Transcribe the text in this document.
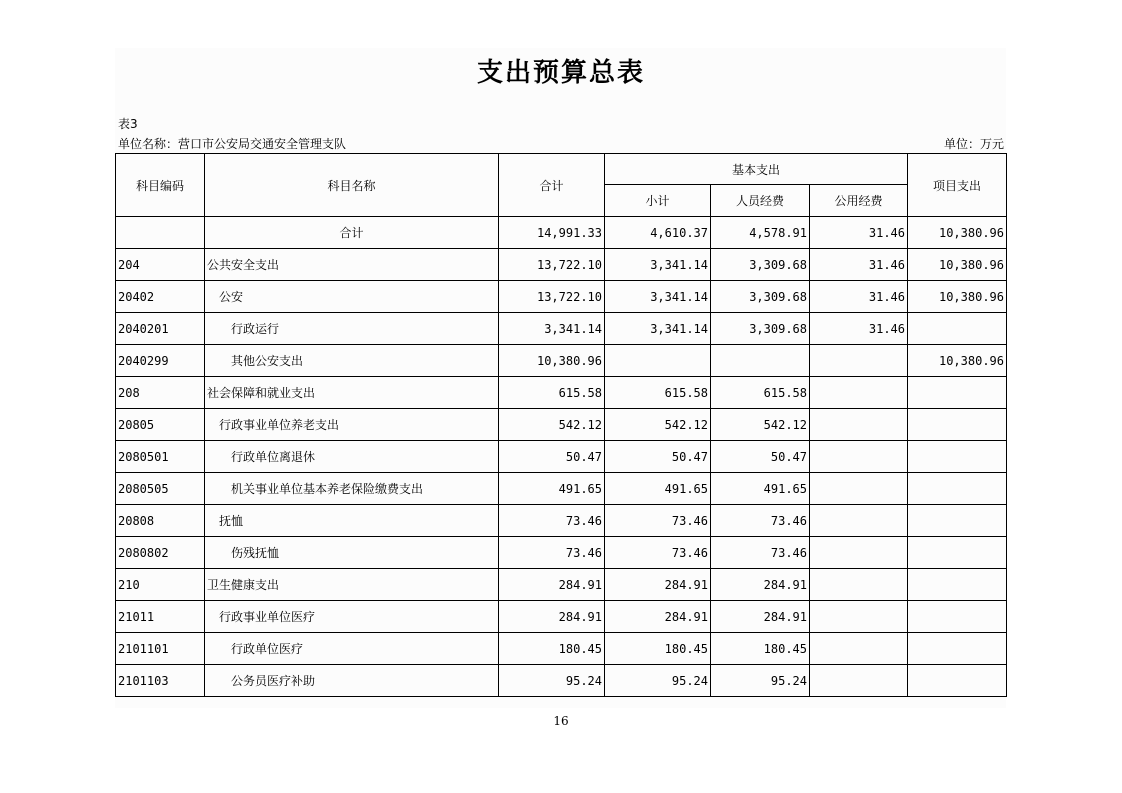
支出预算总表
表3
单位名称：营口市公安局交通安全管理支队	单位：万元
科目编码	科目名称	合计	基本支出			项目支出
			小计	人员经费	公用经费	
	合计	14,991.33	4,610.37	4,578.91	31.46	10,380.96
204	公共安全支出	13,722.10	3,341.14	3,309.68	31.46	10,380.96
20402	公安	13,722.10	3,341.14	3,309.68	31.46	10,380.96
2040201	行政运行	3,341.14	3,341.14	3,309.68	31.46	
2040299	其他公安支出	10,380.96				10,380.96
208	社会保障和就业支出	615.58	615.58	615.58		
20805	行政事业单位养老支出	542.12	542.12	542.12		
2080501	行政单位离退休	50.47	50.47	50.47		
2080505	机关事业单位基本养老保险缴费支出	491.65	491.65	491.65		
20808	抚恤	73.46	73.46	73.46		
2080802	伤残抚恤	73.46	73.46	73.46		
210	卫生健康支出	284.91	284.91	284.91		
21011	行政事业单位医疗	284.91	284.91	284.91		
2101101	行政单位医疗	180.45	180.45	180.45		
2101103	公务员医疗补助	95.24	95.24	95.24		
16
